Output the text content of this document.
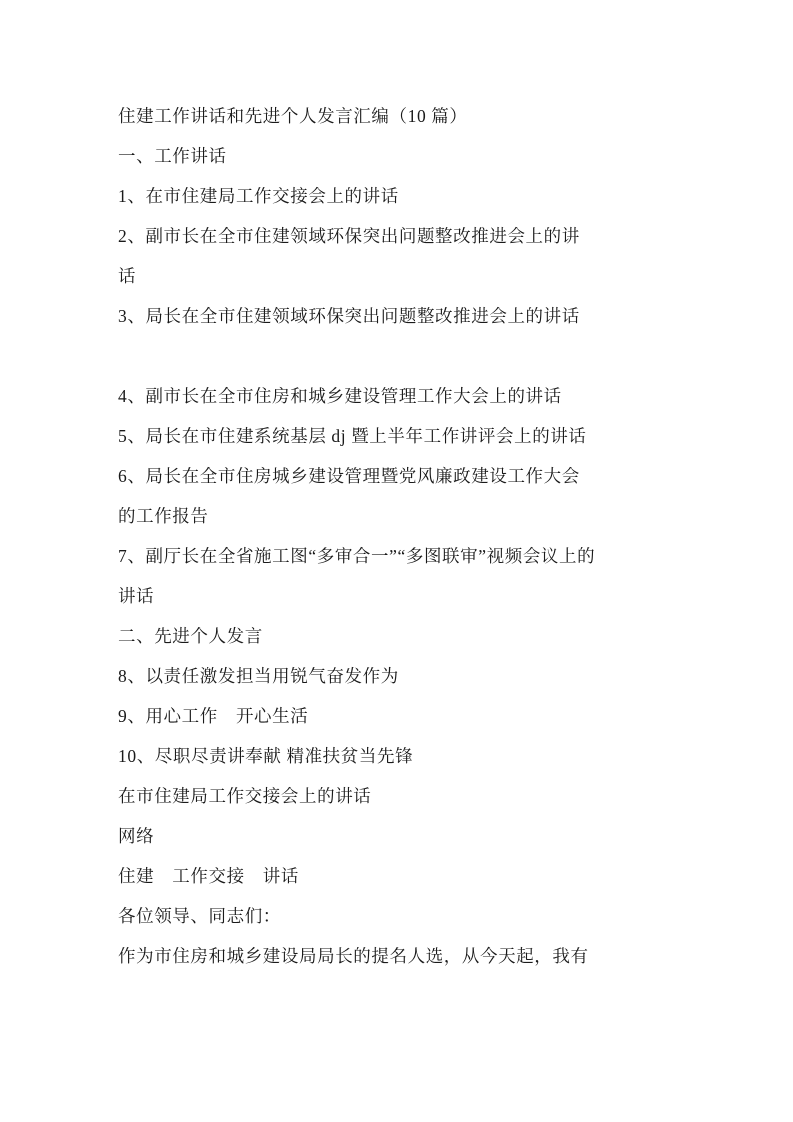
住建工作讲话和先进个人发言汇编（10 篇）
一、工作讲话
1、在市住建局工作交接会上的讲话
2、副市长在全市住建领域环保突出问题整改推进会上的讲
话
3、局长在全市住建领域环保突出问题整改推进会上的讲话
4、副市长在全市住房和城乡建设管理工作大会上的讲话
5、局长在市住建系统基层 dj 暨上半年工作讲评会上的讲话
6、局长在全市住房城乡建设管理暨党风廉政建设工作大会
的工作报告
7、副厅长在全省施工图“多审合一”“多图联审”视频会议上的
讲话
二、先进个人发言
8、以责任激发担当用锐气奋发作为
9、用心工作　开心生活
10、尽职尽责讲奉献 精准扶贫当先锋
在市住建局工作交接会上的讲话
网络
住建　工作交接　讲话
各位领导、同志们：
作为市住房和城乡建设局局长的提名人选，从今天起，我有
